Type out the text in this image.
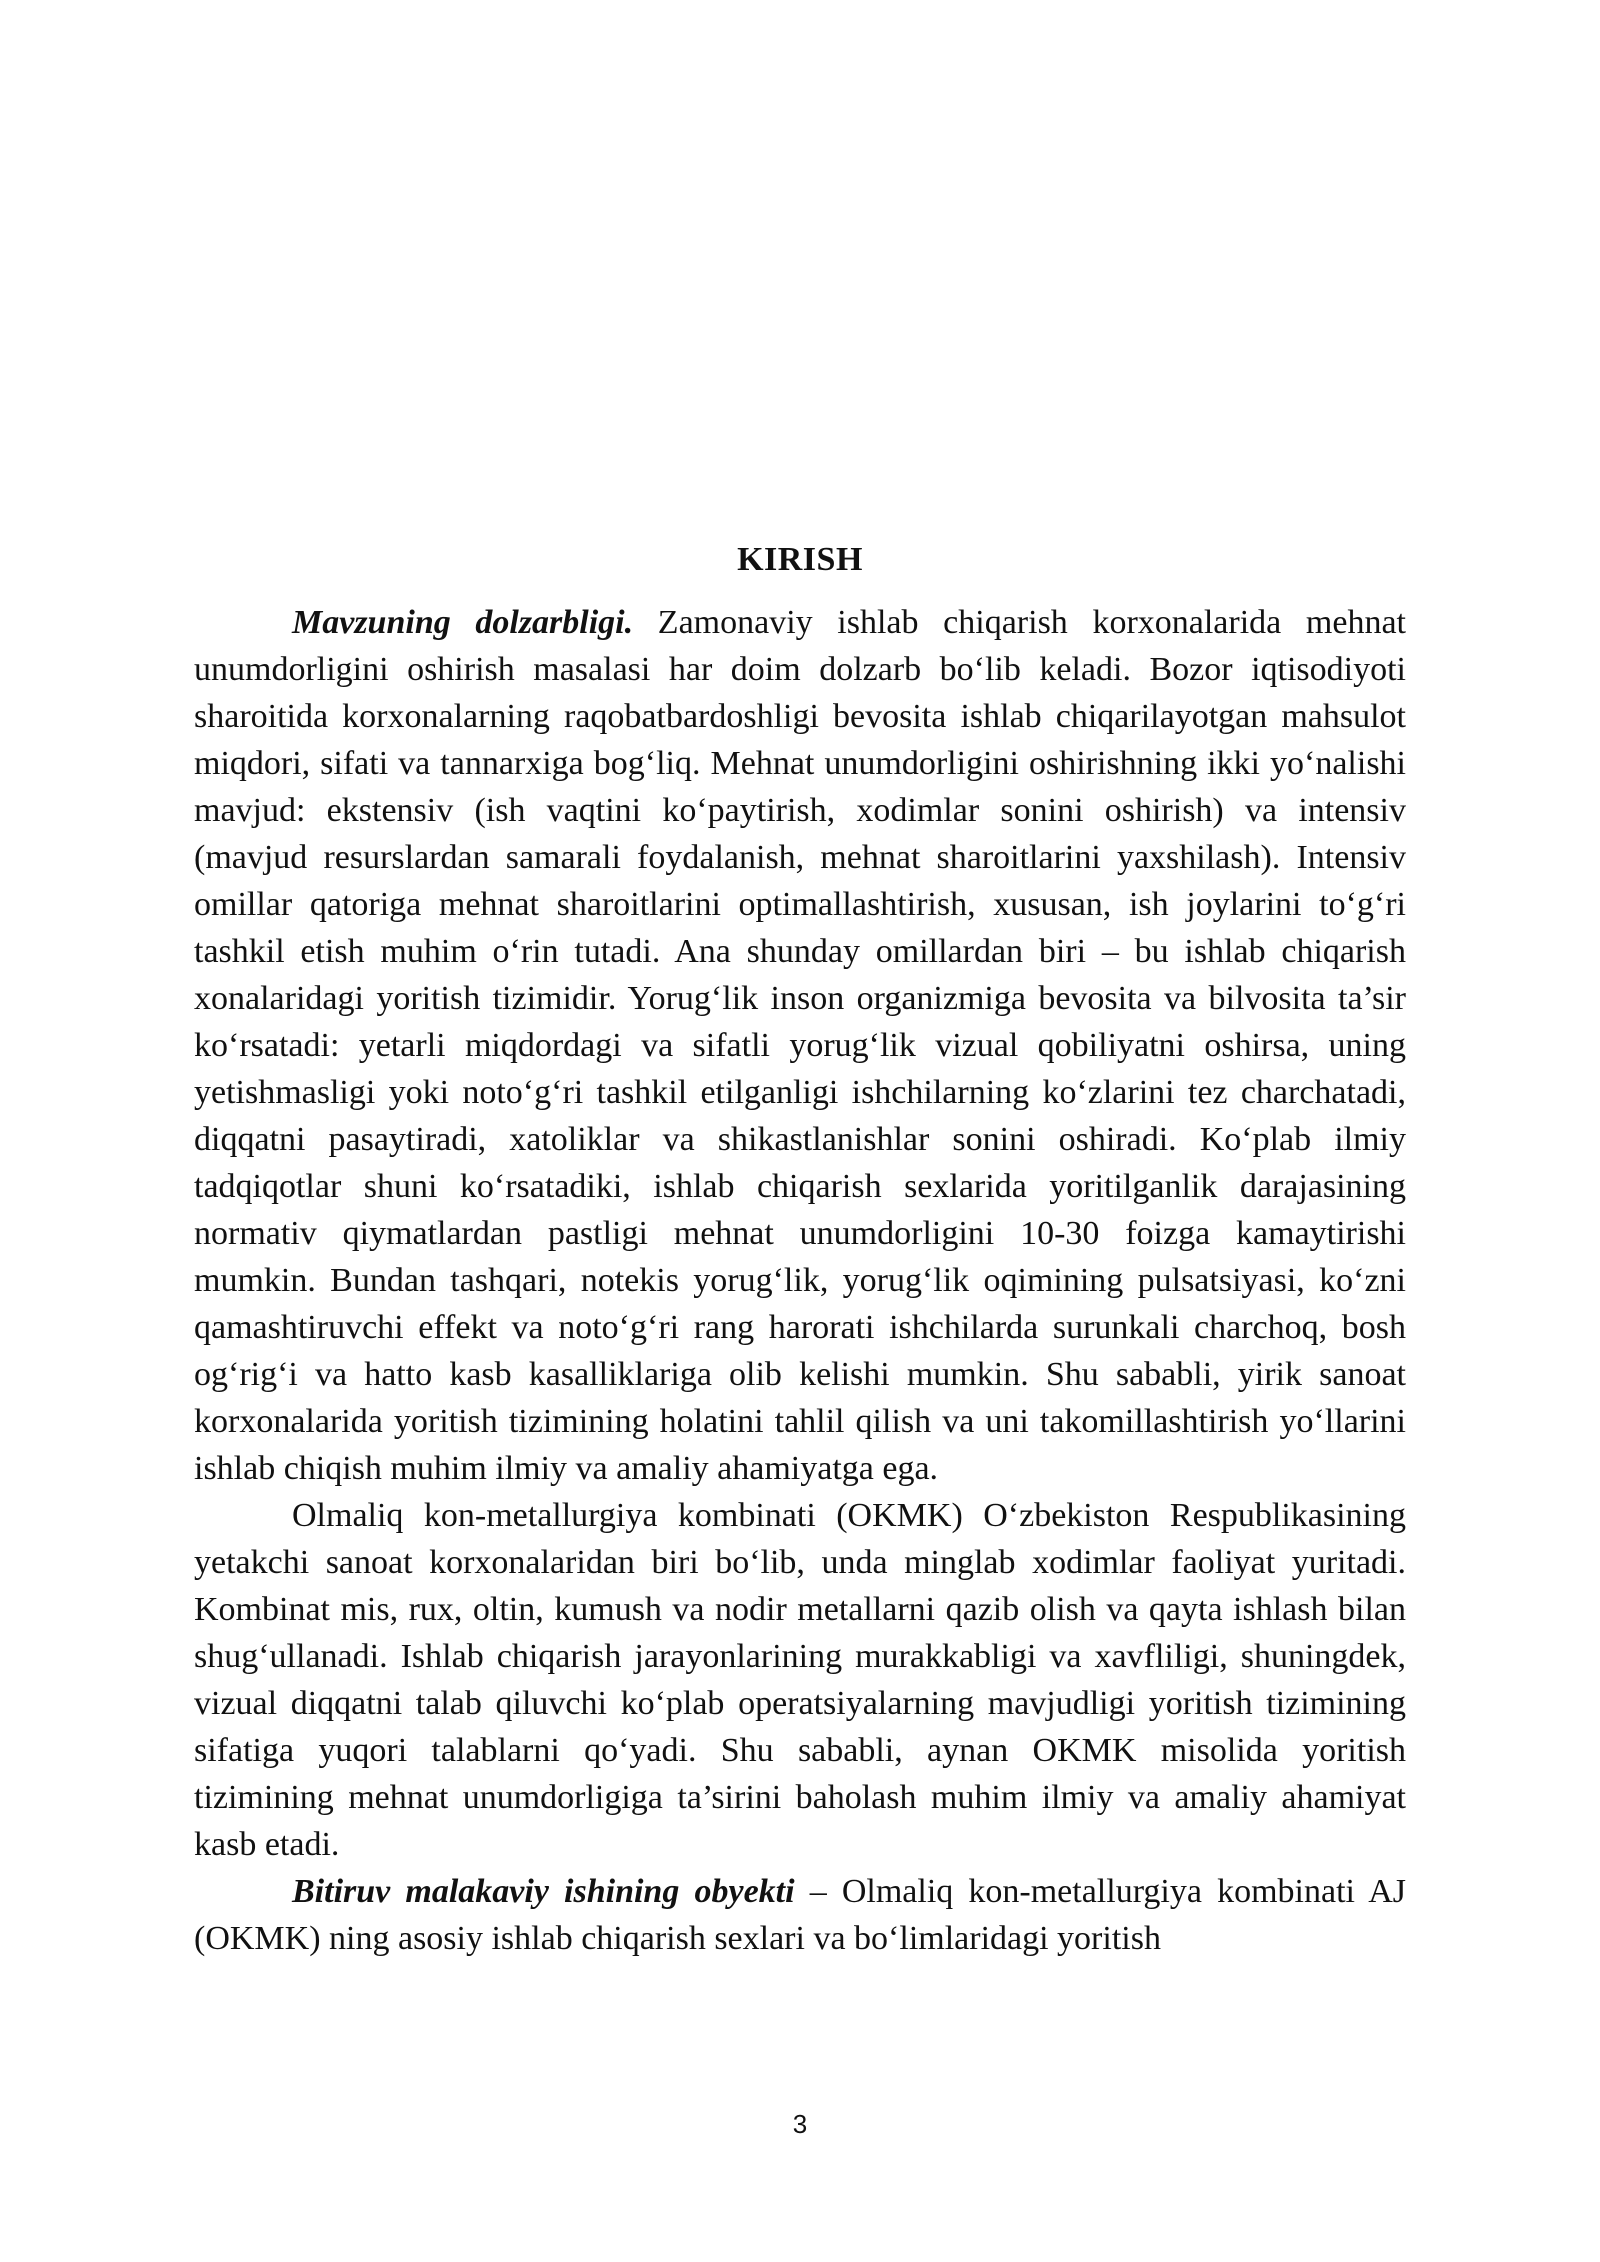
KIRISH

Mavzuning dolzarbligi. Zamonaviy ishlab chiqarish korxonalarida mehnat unumdorligini oshirish masalasi har doim dolzarb bo‘lib keladi. Bozor iqtisodiyoti sharoitida korxonalarning raqobatbardoshligi bevosita ishlab chiqarilayotgan mahsulot miqdori, sifati va tannarxiga bog‘liq. Mehnat unumdorligini oshirishning ikki yo‘nalishi mavjud: ekstensiv (ish vaqtini ko‘paytirish, xodimlar sonini oshirish) va intensiv (mavjud resurslardan samarali foydalanish, mehnat sharoitlarini yaxshilash). Intensiv omillar qatoriga mehnat sharoitlarini optimallashtirish, xususan, ish joylarini to‘g‘ri tashkil etish muhim o‘rin tutadi. Ana shunday omillardan biri – bu ishlab chiqarish xonalaridagi yoritish tizimidir. Yorug‘lik inson organizmiga bevosita va bilvosita ta’sir ko‘rsatadi: yetarli miqdordagi va sifatli yorug‘lik vizual qobiliyatni oshirsa, uning yetishmasligi yoki noto‘g‘ri tashkil etilganligi ishchilarning ko‘zlarini tez charchatadi, diqqatni pasaytiradi, xatoliklar va shikastlanishlar sonini oshiradi. Ko‘plab ilmiy tadqiqotlar shuni ko‘rsatadiki, ishlab chiqarish sexlarida yoritilganlik darajasining normativ qiymatlardan pastligi mehnat unumdorligini 10-30 foizga kamaytirishi mumkin. Bundan tashqari, notekis yorug‘lik, yorug‘lik oqimining pulsatsiyasi, ko‘zni qamashtiruvchi effekt va noto‘g‘ri rang harorati ishchilarda surunkali charchoq, bosh og‘rig‘i va hatto kasb kasalliklariga olib kelishi mumkin. Shu sababli, yirik sanoat korxonalarida yoritish tizimining holatini tahlil qilish va uni takomillashtirish yo‘llarini ishlab chiqish muhim ilmiy va amaliy ahamiyatga ega.

Olmaliq kon-metallurgiya kombinati (OKMK) O‘zbekiston Respublikasining yetakchi sanoat korxonalaridan biri bo‘lib, unda minglab xodimlar faoliyat yuritadi. Kombinat mis, rux, oltin, kumush va nodir metallarni qazib olish va qayta ishlash bilan shug‘ullanadi. Ishlab chiqarish jarayonlarining murakkabligi va xavfliligi, shuningdek, vizual diqqatni talab qiluvchi ko‘plab operatsiyalarning mavjudligi yoritish tizimining sifatiga yuqori talablarni qo‘yadi. Shu sababli, aynan OKMK misolida yoritish tizimining mehnat unumdorligiga ta’sirini baholash muhim ilmiy va amaliy ahamiyat kasb etadi.

Bitiruv malakaviy ishining obyekti – Olmaliq kon-metallurgiya kombinati AJ (OKMK) ning asosiy ishlab chiqarish sexlari va bo‘limlaridagi yoritish

3
